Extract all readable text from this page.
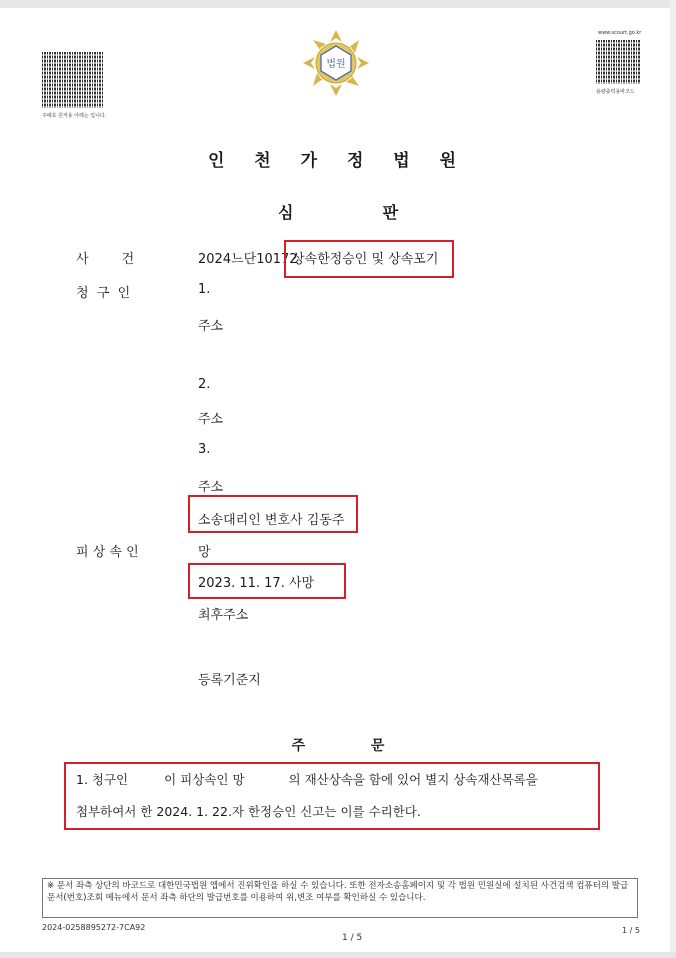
주배호 원저용 아래는 입니다.
www.scourt.go.kr
용량출력용바코드
법원
인 천 가 정 법 원
심	판
사        건	2024느단10172
상속한정승인 및 상속포기
청  구  인	1.
주소
2.
주소
3.
주소
소송대리인 변호사 김동주
피 상 속 인	망
2023. 11. 17. 사망
최후주소
등록기준지
주	문
1. 청구인	이 피상속인 망	의 재산상속을 함에 있어 별지 상속재산목록을
첨부하여서 한 2024. 1. 22.자 한정승인 신고는 이를 수리한다.
※ 문서 좌측 상단의 바코드로 대한민국법원 앱에서 진위확인을 하실 수 있습니다. 또한 전자소송홈페이지 및 각 법원 민원실에 설치된 사건검색 컴퓨터의 발급문서(번호)조회 메뉴에서 문서 좌측 하단의 발급번호를 이용하여 위,변조 여부를 확인하실 수 있습니다.
2024-0258895272-7CA92
1 / 5
1 / 5
